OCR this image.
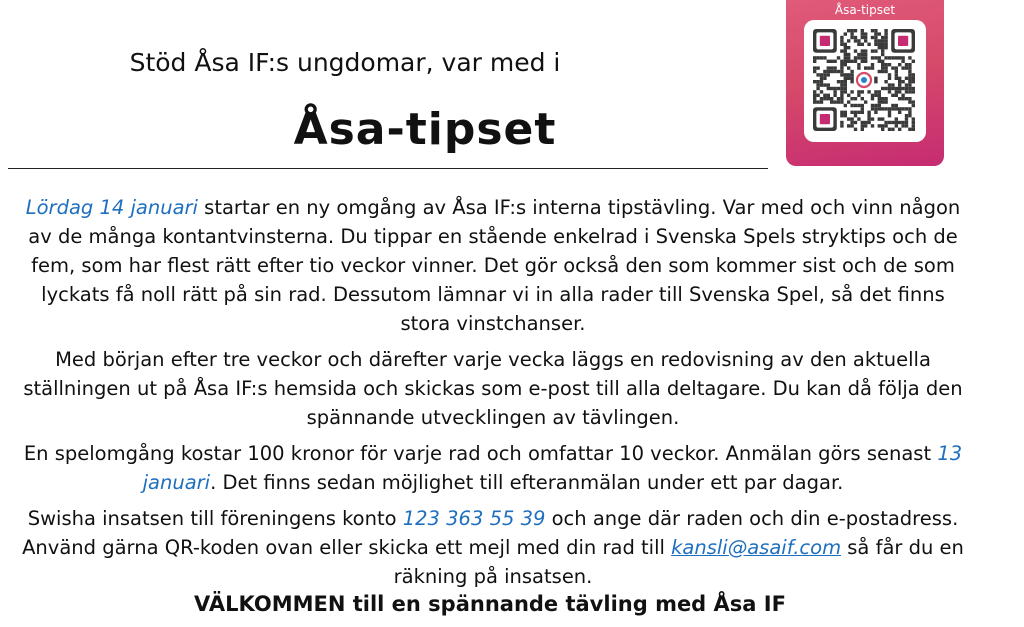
Stöd Åsa IF:s ungdomar, var med i
Åsa-tipset
Åsa-tipset

Lördag 14 januari startar en ny omgång av Åsa IF:s interna tipstävling. Var med och vinn någon av de många kontantvinsterna. Du tippar en stående enkelrad i Svenska Spels stryktips och de fem, som har flest rätt efter tio veckor vinner. Det gör också den som kommer sist och de som lyckats få noll rätt på sin rad. Dessutom lämnar vi in alla rader till Svenska Spel, så det finns stora vinstchanser.

Med början efter tre veckor och därefter varje vecka läggs en redovisning av den aktuella ställningen ut på Åsa IF:s hemsida och skickas som e-post till alla deltagare. Du kan då följa den spännande utvecklingen av tävlingen.

En spelomgång kostar 100 kronor för varje rad och omfattar 10 veckor. Anmälan görs senast 13 januari. Det finns sedan möjlighet till efteranmälan under ett par dagar.

Swisha insatsen till föreningens konto 123 363 55 39 och ange där raden och din e-postadress. Använd gärna QR-koden ovan eller skicka ett mejl med din rad till kansli@asaif.com så får du en räkning på insatsen.

VÄLKOMMEN till en spännande tävling med Åsa IF
